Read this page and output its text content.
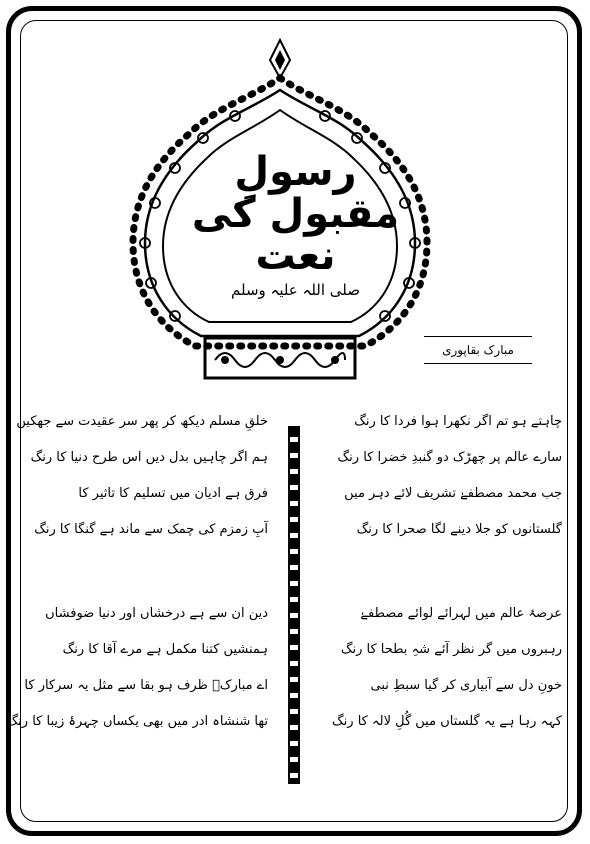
رسولِ مقبول کی نعت
صلی اللہ علیہ وسلم
مبارک بقاپوری
چاہتے ہو تم اگر نکھرا ہوا فردا کا رنگ
سارے عالم پر چھڑک دو گنبدِ خضرا کا رنگ
جب محمد مصطفےٰ تشریف لائے دہر میں
گلستانوں کو جلا دینے لگا صحرا کا رنگ
عرصۂ عالم میں لہرائے لوائے مصطفےٰ
رہبروں میں گر نظر آئے شہِ بطحا کا رنگ
خونِ دل سے آبیاری کر گیا سبطِ نبی
کہہ رہا ہے یہ گلستاں میں گُلِ لالہ کا رنگ
خلقِ مسلم دیکھ کر پھر سر عقیدت سے جھکیں
ہم اگر چاہیں بدل دیں اس طرح دنیا کا رنگ
فرق ہے ادیان میں تسلیم کا تاثیر کا
آبِ زمزم کی چمک سے ماند ہے گنگا کا رنگ
دین ان سے ہے درخشاں اور دنیا ضوفشاں
ہمنشیں کتنا مکمل ہے مرے آقا کا رنگ
اے مبارکؔ ظرف ہو بقا سے مثل یہ سرکار کا
تھا شنشاہ ادر میں بھی یکساں چہرۂ زیبا کا رنگ
